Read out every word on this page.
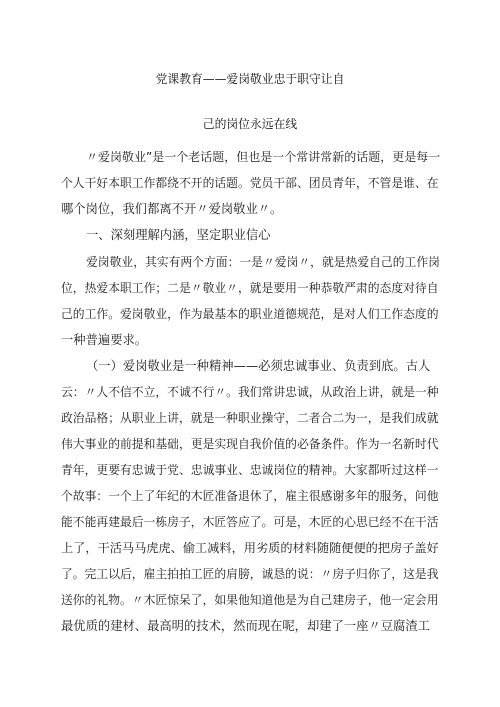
党课教育——爱岗敬业忠于职守让自
己的岗位永远在线
〃爱岗敬业”是一个老话题，但也是一个常讲常新的话题，更是每一
个人干好本职工作都绕不开的话题。党员干部、团员青年，不管是谁、在
哪个岗位，我们都离不开〃爱岗敬业〃。
一、深刻理解内涵，坚定职业信心
爱岗敬业，其实有两个方面：一是〃爱岗〃，就是热爱自己的工作岗
位，热爱本职工作；二是〃敬业〃，就是要用一种恭敬严肃的态度对待自
己的工作。爱岗敬业，作为最基本的职业道德规范，是对人们工作态度的
一种普遍要求。
（一）爱岗敬业是一种精神——必须忠诚事业、负责到底。古人
云：〃人不信不立，不诚不行〃。我们常讲忠诚，从政治上讲，就是一种
政治品格；从职业上讲，就是一种职业操守，二者合二为一，是我们成就
伟大事业的前提和基础，更是实现自我价值的必备条件。作为一名新时代
青年，更要有忠诚于党、忠诚事业、忠诚岗位的精神。大家都听过这样一
个故事：一个上了年纪的木匠准备退休了，雇主很感谢多年的服务，问他
能不能再建最后一栋房子，木匠答应了。可是，木匠的心思已经不在干活
上了，干活马马虎虎、偷工减料，用劣质的材料随随便便的把房子盖好
了。完工以后，雇主拍拍工匠的肩膀，诚恳的说：〃房子归你了，这是我
送你的礼物。〃木匠惊呆了，如果他知道他是为自己建房子，他一定会用
最优质的建材、最高明的技术，然而现在呢，却建了一座〃豆腐渣工
